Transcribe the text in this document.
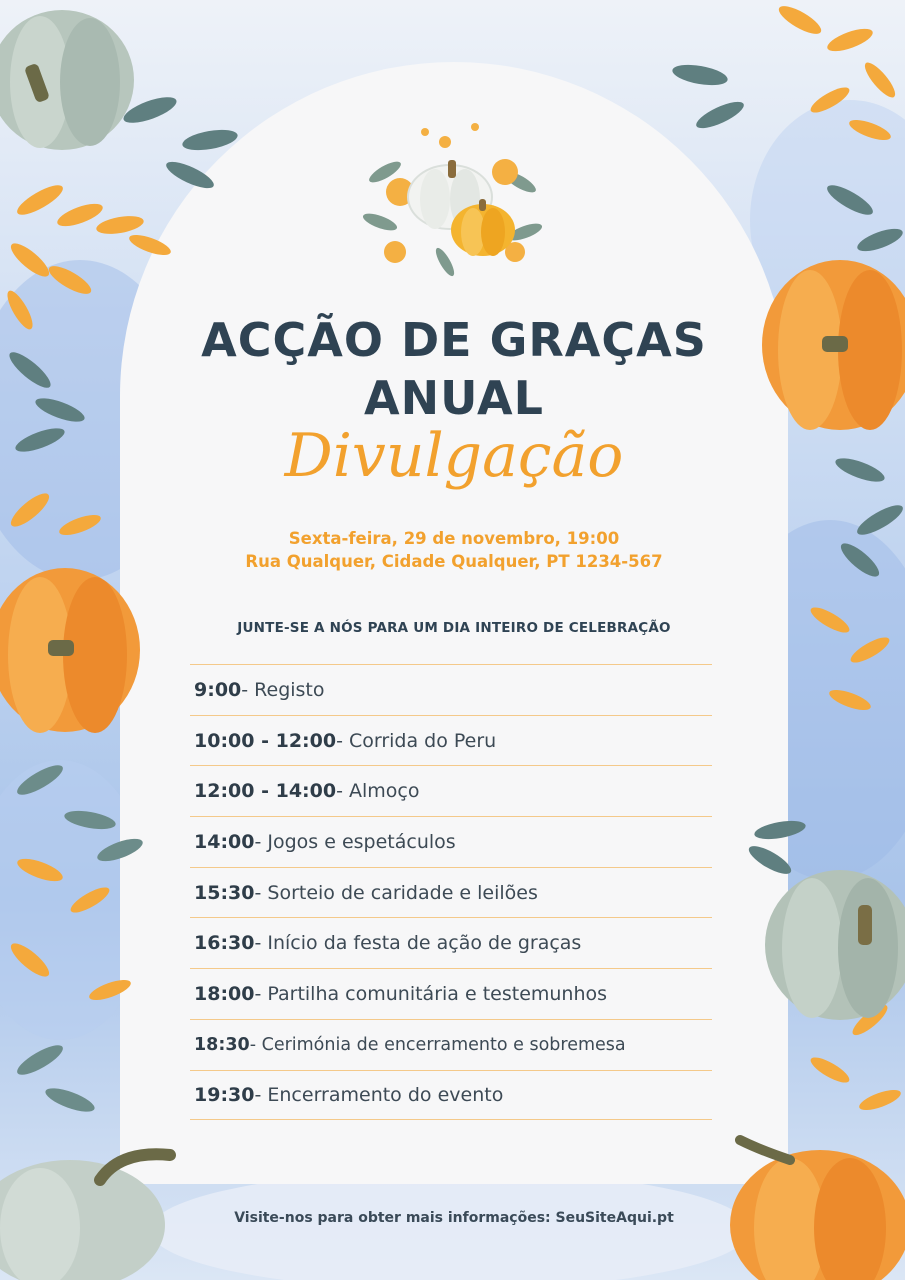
ACÇÃO DE GRAÇAS
ANUAL
Divulgação
Sexta-feira, 29 de novembro, 19:00
Rua Qualquer, Cidade Qualquer, PT 1234-567
JUNTE-SE A NÓS PARA UM DIA INTEIRO DE CELEBRAÇÃO
9:00 - Registo
10:00 - 12:00 - Corrida do Peru
12:00 - 14:00 - Almoço
14:00 - Jogos e espetáculos
15:30 - Sorteio de caridade e leilões
16:30 - Início da festa de ação de graças
18:00 - Partilha comunitária e testemunhos
18:30 - Cerimónia de encerramento e sobremesa
19:30 - Encerramento do evento
Visite-nos para obter mais informações: SeuSiteAqui.pt
